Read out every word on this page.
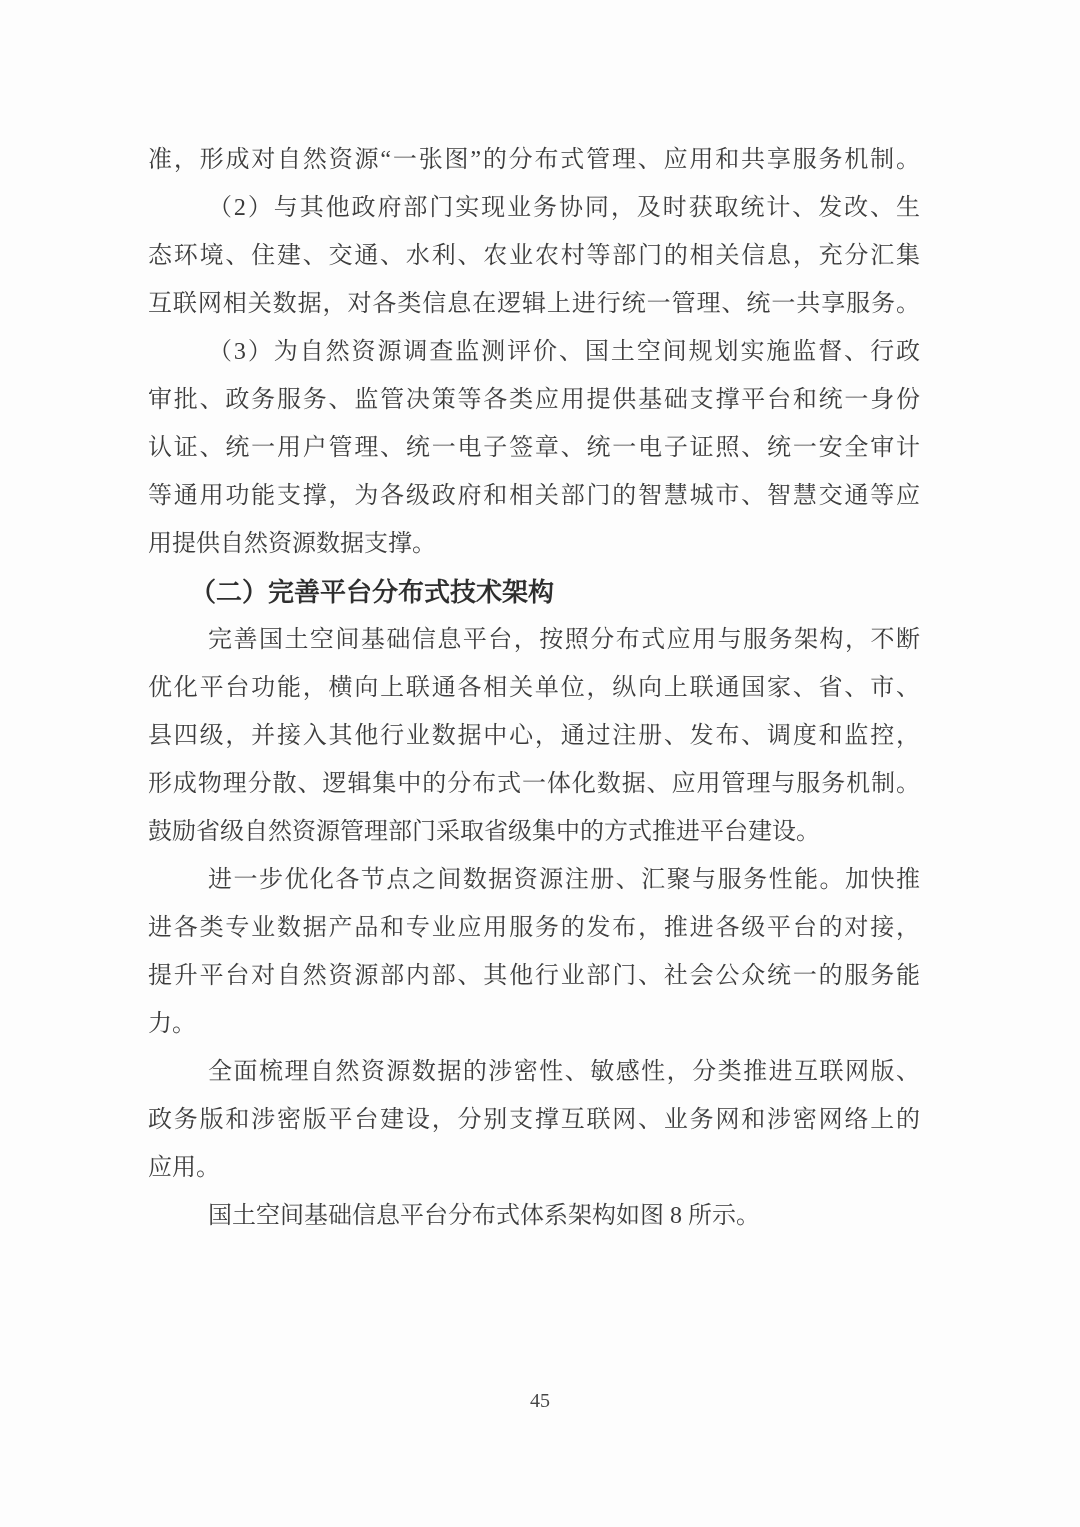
准，形成对自然资源“一张图”的分布式管理、应用和共享服务机制。
（2）与其他政府部门实现业务协同，及时获取统计、发改、生
态环境、住建、交通、水利、农业农村等部门的相关信息，充分汇集
互联网相关数据，对各类信息在逻辑上进行统一管理、统一共享服务。
（3）为自然资源调查监测评价、国土空间规划实施监督、行政
审批、政务服务、监管决策等各类应用提供基础支撑平台和统一身份
认证、统一用户管理、统一电子签章、统一电子证照、统一安全审计
等通用功能支撑，为各级政府和相关部门的智慧城市、智慧交通等应
用提供自然资源数据支撑。
（二）完善平台分布式技术架构
完善国土空间基础信息平台，按照分布式应用与服务架构，不断
优化平台功能，横向上联通各相关单位，纵向上联通国家、省、市、
县四级，并接入其他行业数据中心，通过注册、发布、调度和监控，
形成物理分散、逻辑集中的分布式一体化数据、应用管理与服务机制。
鼓励省级自然资源管理部门采取省级集中的方式推进平台建设。
进一步优化各节点之间数据资源注册、汇聚与服务性能。加快推
进各类专业数据产品和专业应用服务的发布，推进各级平台的对接，
提升平台对自然资源部内部、其他行业部门、社会公众统一的服务能
力。
全面梳理自然资源数据的涉密性、敏感性，分类推进互联网版、
政务版和涉密版平台建设，分别支撑互联网、业务网和涉密网络上的
应用。
国土空间基础信息平台分布式体系架构如图 8 所示。
45
